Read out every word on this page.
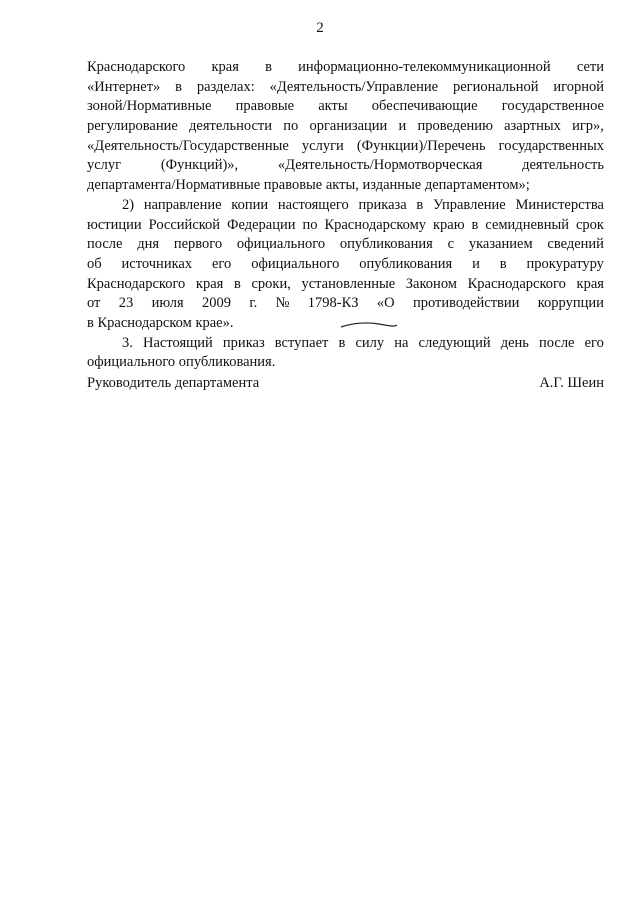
2
Краснодарского края в информационно-телекоммуникационной сети
«Интернет» в разделах: «Деятельность/Управление региональной игорной
зоной/Нормативные правовые акты обеспечивающие государственное
регулирование деятельности по организации и проведению азартных игр»,
«Деятельность/Государственные услуги (Функции)/Перечень государственных
услуг	(Функций)»,	«Деятельность/Нормотворческая	деятельность
департамента/Нормативные правовые акты, изданные департаментом»;
2) направление копии настоящего приказа в Управление Министерства
юстиции Российской Федерации по Краснодарскому краю в семидневный срок
после дня первого официального опубликования с указанием сведений
об источниках его официального опубликования и в прокуратуру
Краснодарского края в сроки, установленные Законом Краснодарского края
от 23 июля 2009 г. № 1798-КЗ «О противодействии коррупции
в Краснодарском крае».
3. Настоящий приказ вступает в силу на следующий день после его
официального опубликования.
Руководитель департамента	А.Г. Шеин
